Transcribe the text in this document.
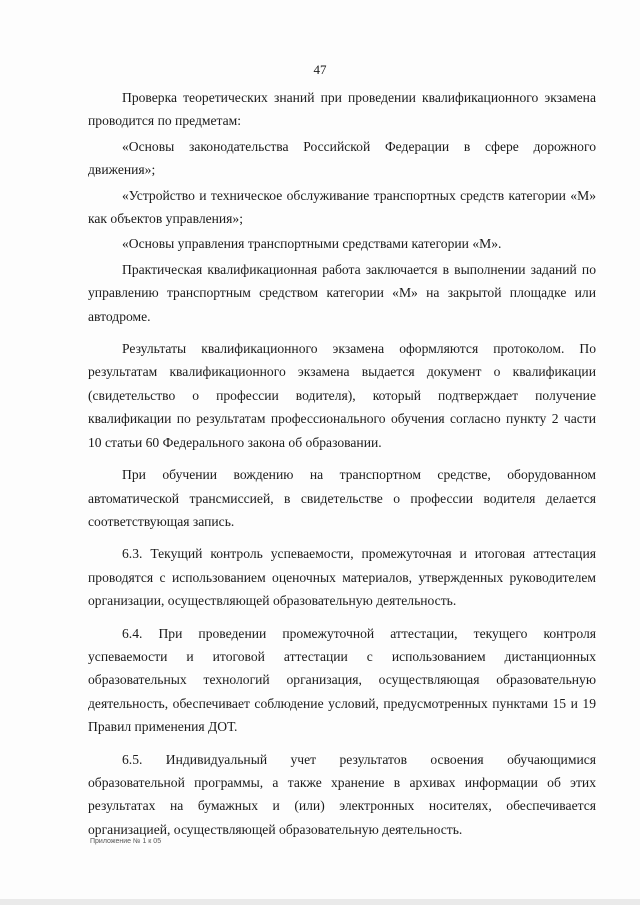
47

Проверка теоретических знаний при проведении квалификационного экзамена проводится по предметам:

«Основы законодательства Российской Федерации в сфере дорожного движения»;

«Устройство и техническое обслуживание транспортных средств категории «М» как объектов управления»;

«Основы управления транспортными средствами категории «М».

Практическая квалификационная работа заключается в выполнении заданий по управлению транспортным средством категории «М» на закрытой площадке или автодроме.

Результаты квалификационного экзамена оформляются протоколом. По результатам квалификационного экзамена выдается документ о квалификации (свидетельство о профессии водителя), который подтверждает получение квалификации по результатам профессионального обучения согласно пункту 2 части 10 статьи 60 Федерального закона об образовании.

При обучении вождению на транспортном средстве, оборудованном автоматической трансмиссией, в свидетельстве о профессии водителя делается соответствующая запись.

6.3. Текущий контроль успеваемости, промежуточная и итоговая аттестация проводятся с использованием оценочных материалов, утвержденных руководителем организации, осуществляющей образовательную деятельность.

6.4. При проведении промежуточной аттестации, текущего контроля успеваемости и итоговой аттестации с использованием дистанционных образовательных технологий организация, осуществляющая образовательную деятельность, обеспечивает соблюдение условий, предусмотренных пунктами 15 и 19 Правил применения ДОТ.

6.5. Индивидуальный учет результатов освоения обучающимися образовательной программы, а также хранение в архивах информации об этих результатах на бумажных и (или) электронных носителях, обеспечивается организацией, осуществляющей образовательную деятельность.

Приложение № 1 к 05
